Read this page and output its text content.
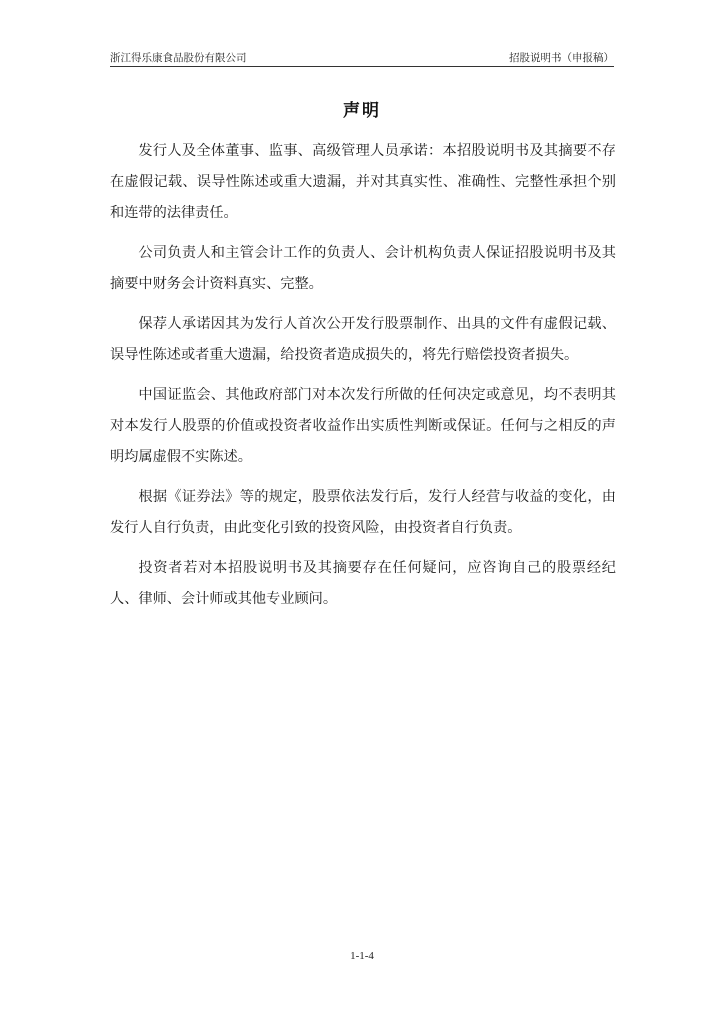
浙江得乐康食品股份有限公司	招股说明书（申报稿）
声明

发行人及全体董事、监事、高级管理人员承诺：本招股说明书及其摘要不存在虚假记载、误导性陈述或重大遗漏，并对其真实性、准确性、完整性承担个别和连带的法律责任。

公司负责人和主管会计工作的负责人、会计机构负责人保证招股说明书及其摘要中财务会计资料真实、完整。

保荐人承诺因其为发行人首次公开发行股票制作、出具的文件有虚假记载、误导性陈述或者重大遗漏，给投资者造成损失的，将先行赔偿投资者损失。

中国证监会、其他政府部门对本次发行所做的任何决定或意见，均不表明其对本发行人股票的价值或投资者收益作出实质性判断或保证。任何与之相反的声明均属虚假不实陈述。

根据《证券法》等的规定，股票依法发行后，发行人经营与收益的变化，由发行人自行负责，由此变化引致的投资风险，由投资者自行负责。

投资者若对本招股说明书及其摘要存在任何疑问，应咨询自己的股票经纪人、律师、会计师或其他专业顾问。

1-1-4
